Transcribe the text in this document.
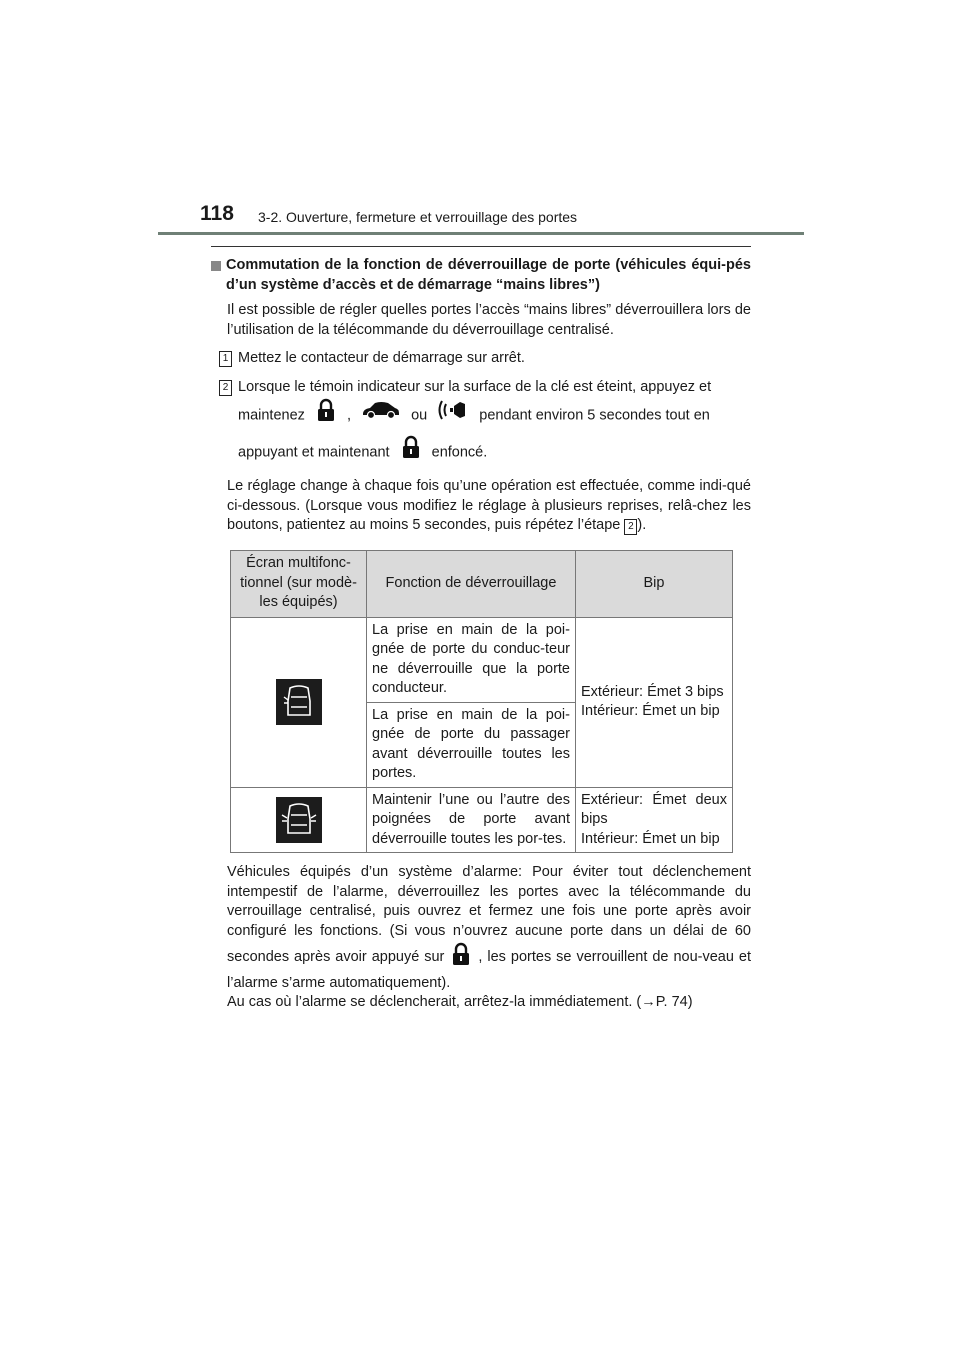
118 3-2. Ouverture, fermeture et verrouillage des portes
Commutation de la fonction de déverrouillage de porte (véhicules équi-pés d’un système d’accès et de démarrage “mains libres”)

Il est possible de régler quelles portes l’accès “mains libres” déverrouillera lors de l’utilisation de la télécommande du déverrouillage centralisé.

1 Mettez le contacteur de démarrage sur arrêt.
2 Lorsque le témoin indicateur sur la surface de la clé est éteint, appuyez et
maintenez	,	ou	pendant environ 5 secondes tout en
appuyant et maintenant	enfoncé.

Le réglage change à chaque fois qu’une opération est effectuée, comme indi-qué ci-dessous. (Lorsque vous modifiez le réglage à plusieurs reprises, relâ-chez les boutons, patientez au moins 5 secondes, puis répétez l’étape 2 ).

Écran multifonc-tionnel (sur modè-les équipés)	Fonction de déverrouillage	Bip
	La prise en main de la poi-gnée de porte du conduc-teur ne déverrouille que la porte conducteur.	Extérieur: Émet 3 bips
Intérieur: Émet un bip

	La prise en main de la poi-gnée de porte du passager avant déverrouille toutes les portes.	
	Maintenir l’une ou l’autre des poignées de porte avant déverrouille toutes les por-tes.	Extérieur: Émet deux bips
Intérieur: Émet un bip

Véhicules équipés d’un système d’alarme: Pour éviter tout déclenchement intempestif de l’alarme, déverrouillez les portes avec la télécommande du verrouillage centralisé, puis ouvrez et fermez une fois une porte après avoir configuré les fonctions. (Si vous n’ouvrez aucune porte dans un délai de 60 secondes après avoir appuyé sur , les portes se verrouillent de nou-veau et l’alarme s’arme automatiquement).

Au cas où l’alarme se déclencherait, arrêtez-la immédiatement. (→P. 74)
